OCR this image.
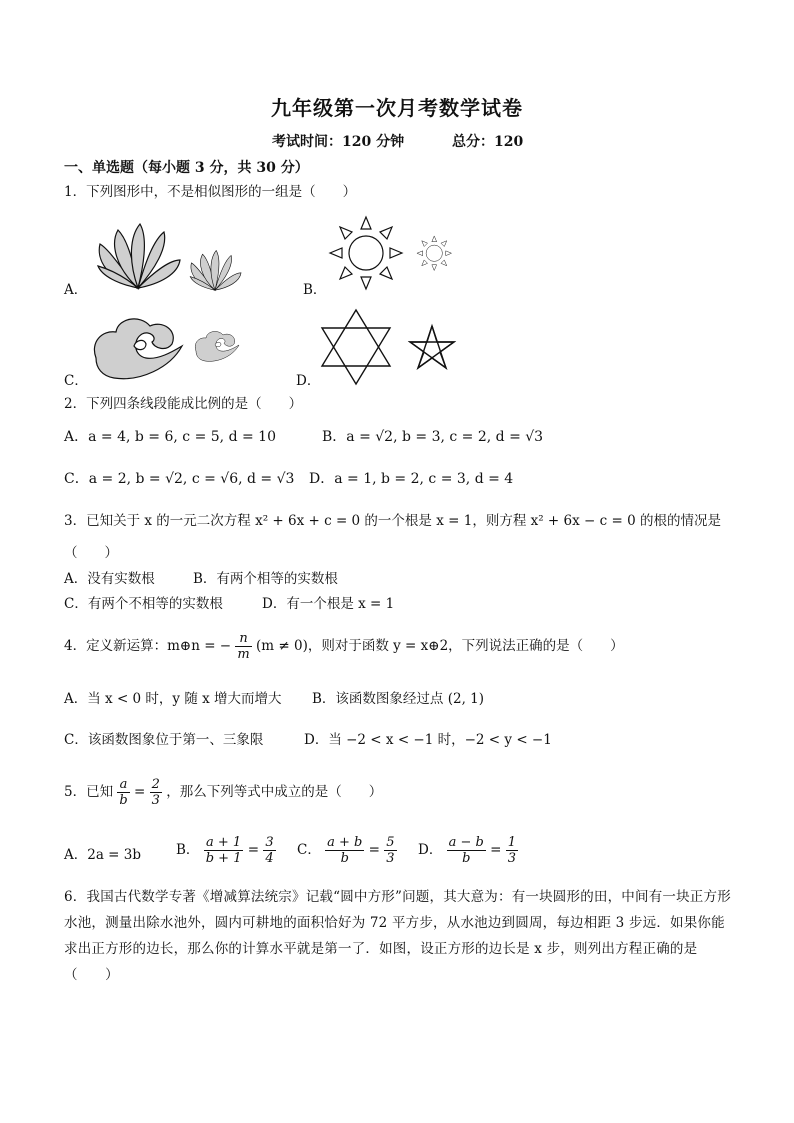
九年级第一次月考数学试卷
考试时间：120 分钟	总分：120
一、单选题（每小题 3 分，共 30 分）
1．下列图形中，不是相似图形的一组是（　　）
A．	B．
C．	D．
2．下列四条线段能成比例的是（　　）
A．a = 4, b = 6, c = 5, d = 10	B．a = √2, b = 3, c = 2, d = √3
C．a = 2, b = √2, c = √6, d = √3 D．a = 1, b = 2, c = 3, d = 4
3．已知关于 x 的一元二次方程 x² + 6x + c = 0 的一个根是 x = 1，则方程 x² + 6x − c = 0 的根的情况是
（　　）
A．没有实数根	B．有两个相等的实数根
C．有两个不相等的实数根	D．有一个根是 x = 1
4．定义新运算：m⊕n = − $\frac{n}{m} (m \ne 0)$，则对于函数 y = x⊕2，下列说法正确的是（　　）
A．当 x < 0 时，y 随 x 增大而增大 B．该函数图象经过点 (2, 1)
C．该函数图象位于第一、三象限	D．当 −2 < x < −1 时，−2 < y < −1
5．已知 $\frac{a}{b} = \frac{2}{3}$ ，那么下列等式中成立的是（　　）
A．2a = 3b	B． $\frac{a + 1}{b + 1} = \frac{3}{4}$ C． $\frac{a + b}{b} = \frac{5}{3}$ D． $\frac{a - b}{b} = \frac{1}{3}$
6．我国古代数学专著《增减算法统宗》记载“圆中方形”问题，其大意为：有一块圆形的田，中间有一块正方形水池，测量出除水池外，圆内可耕地的面积恰好为 72 平方步，从水池边到圆周，每边相距 3 步远．如果你能求出正方形的边长，那么你的计算水平就是第一了．如图，设正方形的边长是 x 步，则列出方程正确的是（　　）
